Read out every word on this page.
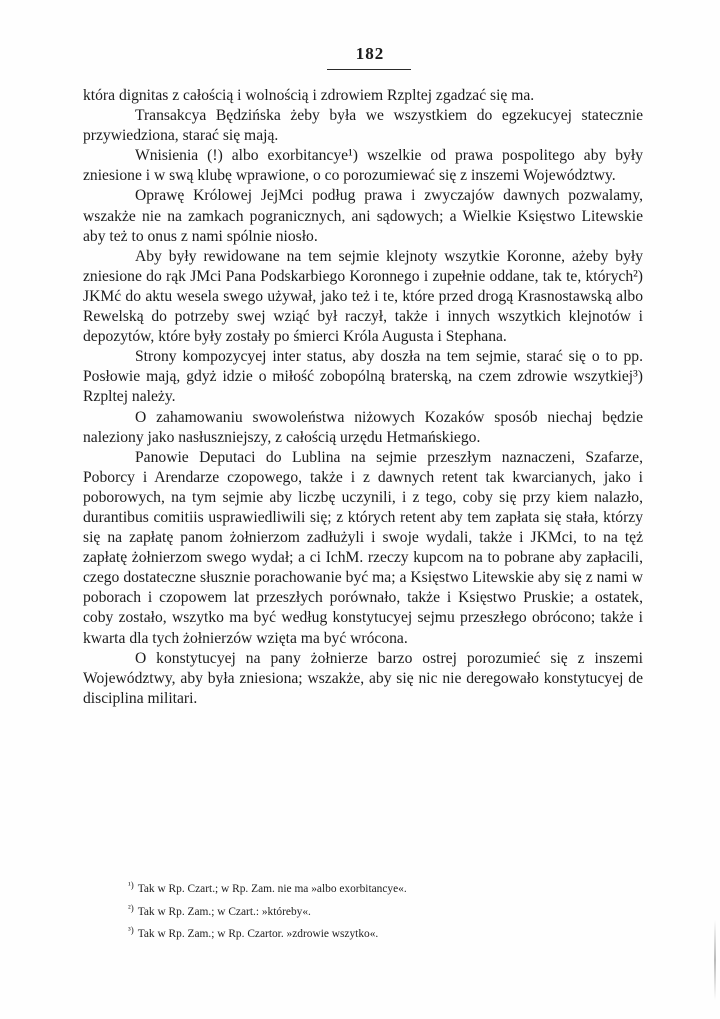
182

która dignitas z całością i wolnością i zdrowiem Rzpltej zgadzać się ma.

Transakcya Będzińska żeby była we wszystkiem do egzekucyej statecznie przywiedziona, starać się mają.

Wnisienia (!) albo exorbitancye¹) wszelkie od prawa pospolitego aby były zniesione i w swą klubę wprawione, o co porozumiewać się z inszemi Województwy.

Oprawę Królowej JejMci podług prawa i zwyczajów dawnych pozwalamy, wszakże nie na zamkach pogranicznych, ani sądowych; a Wielkie Księstwo Litewskie aby też to onus z nami spólnie niosło.

Aby były rewidowane na tem sejmie klejnoty wszytkie Koronne, ażeby były zniesione do rąk JMci Pana Podskarbiego Koronnego i zupełnie oddane, tak te, których²) JKMć do aktu wesela swego używał, jako też i te, które przed drogą Krasnostawską albo Rewelską do potrzeby swej wziąć był raczył, także i innych wszytkich klejnotów i depozytów, które były zostały po śmierci Króla Augusta i Stephana.

Strony kompozycyej inter status, aby doszła na tem sejmie, starać się o to pp. Posłowie mają, gdyż idzie o miłość zobopólną braterską, na czem zdrowie wszytkiej³) Rzpltej należy.

O zahamowaniu swowoleństwa niżowych Kozaków sposób niechaj będzie naleziony jako nasłuszniejszy, z całością urzędu Hetmańskiego.

Panowie Deputaci do Lublina na sejmie przeszłym naznaczeni, Szafarze, Poborcy i Arendarze czopowego, także i z dawnych retent tak kwarcianych, jako i poborowych, na tym sejmie aby liczbę uczynili, i z tego, coby się przy kiem nalazło, durantibus comitiis usprawiedliwili się; z których retent aby tem zapłata się stała, którzy się na zapłatę panom żołnierzom zadłużyli i swoje wydali, także i JKMci, to na tęż zapłatę żołnierzom swego wydał; a ci IchM. rzeczy kupcom na to pobrane aby zapłacili, czego dostateczne słusznie porachowanie być ma; a Księstwo Litewskie aby się z nami w poborach i czopowem lat przeszłych porównało, także i Księstwo Pruskie; a ostatek, coby zostało, wszytko ma być według konstytucyej sejmu przeszłego obrócono; także i kwarta dla tych żołnierzów wzięta ma być wrócona.

O konstytucyej na pany żołnierze barzo ostrej porozumieć się z inszemi Województwy, aby była zniesiona; wszakże, aby się nic nie deregowało konstytucyej de disciplina militari.

$^{^1)}$ Tak w Rp. Czart.; w Rp. Zam. nie ma »albo exorbitancye«.

$^{^2)}$ Tak w Rp. Zam.; w Czart.: »któreby«.

$^{^3)}$ Tak w Rp. Zam.; w Rp. Czartor. »zdrowie wszytko«.
